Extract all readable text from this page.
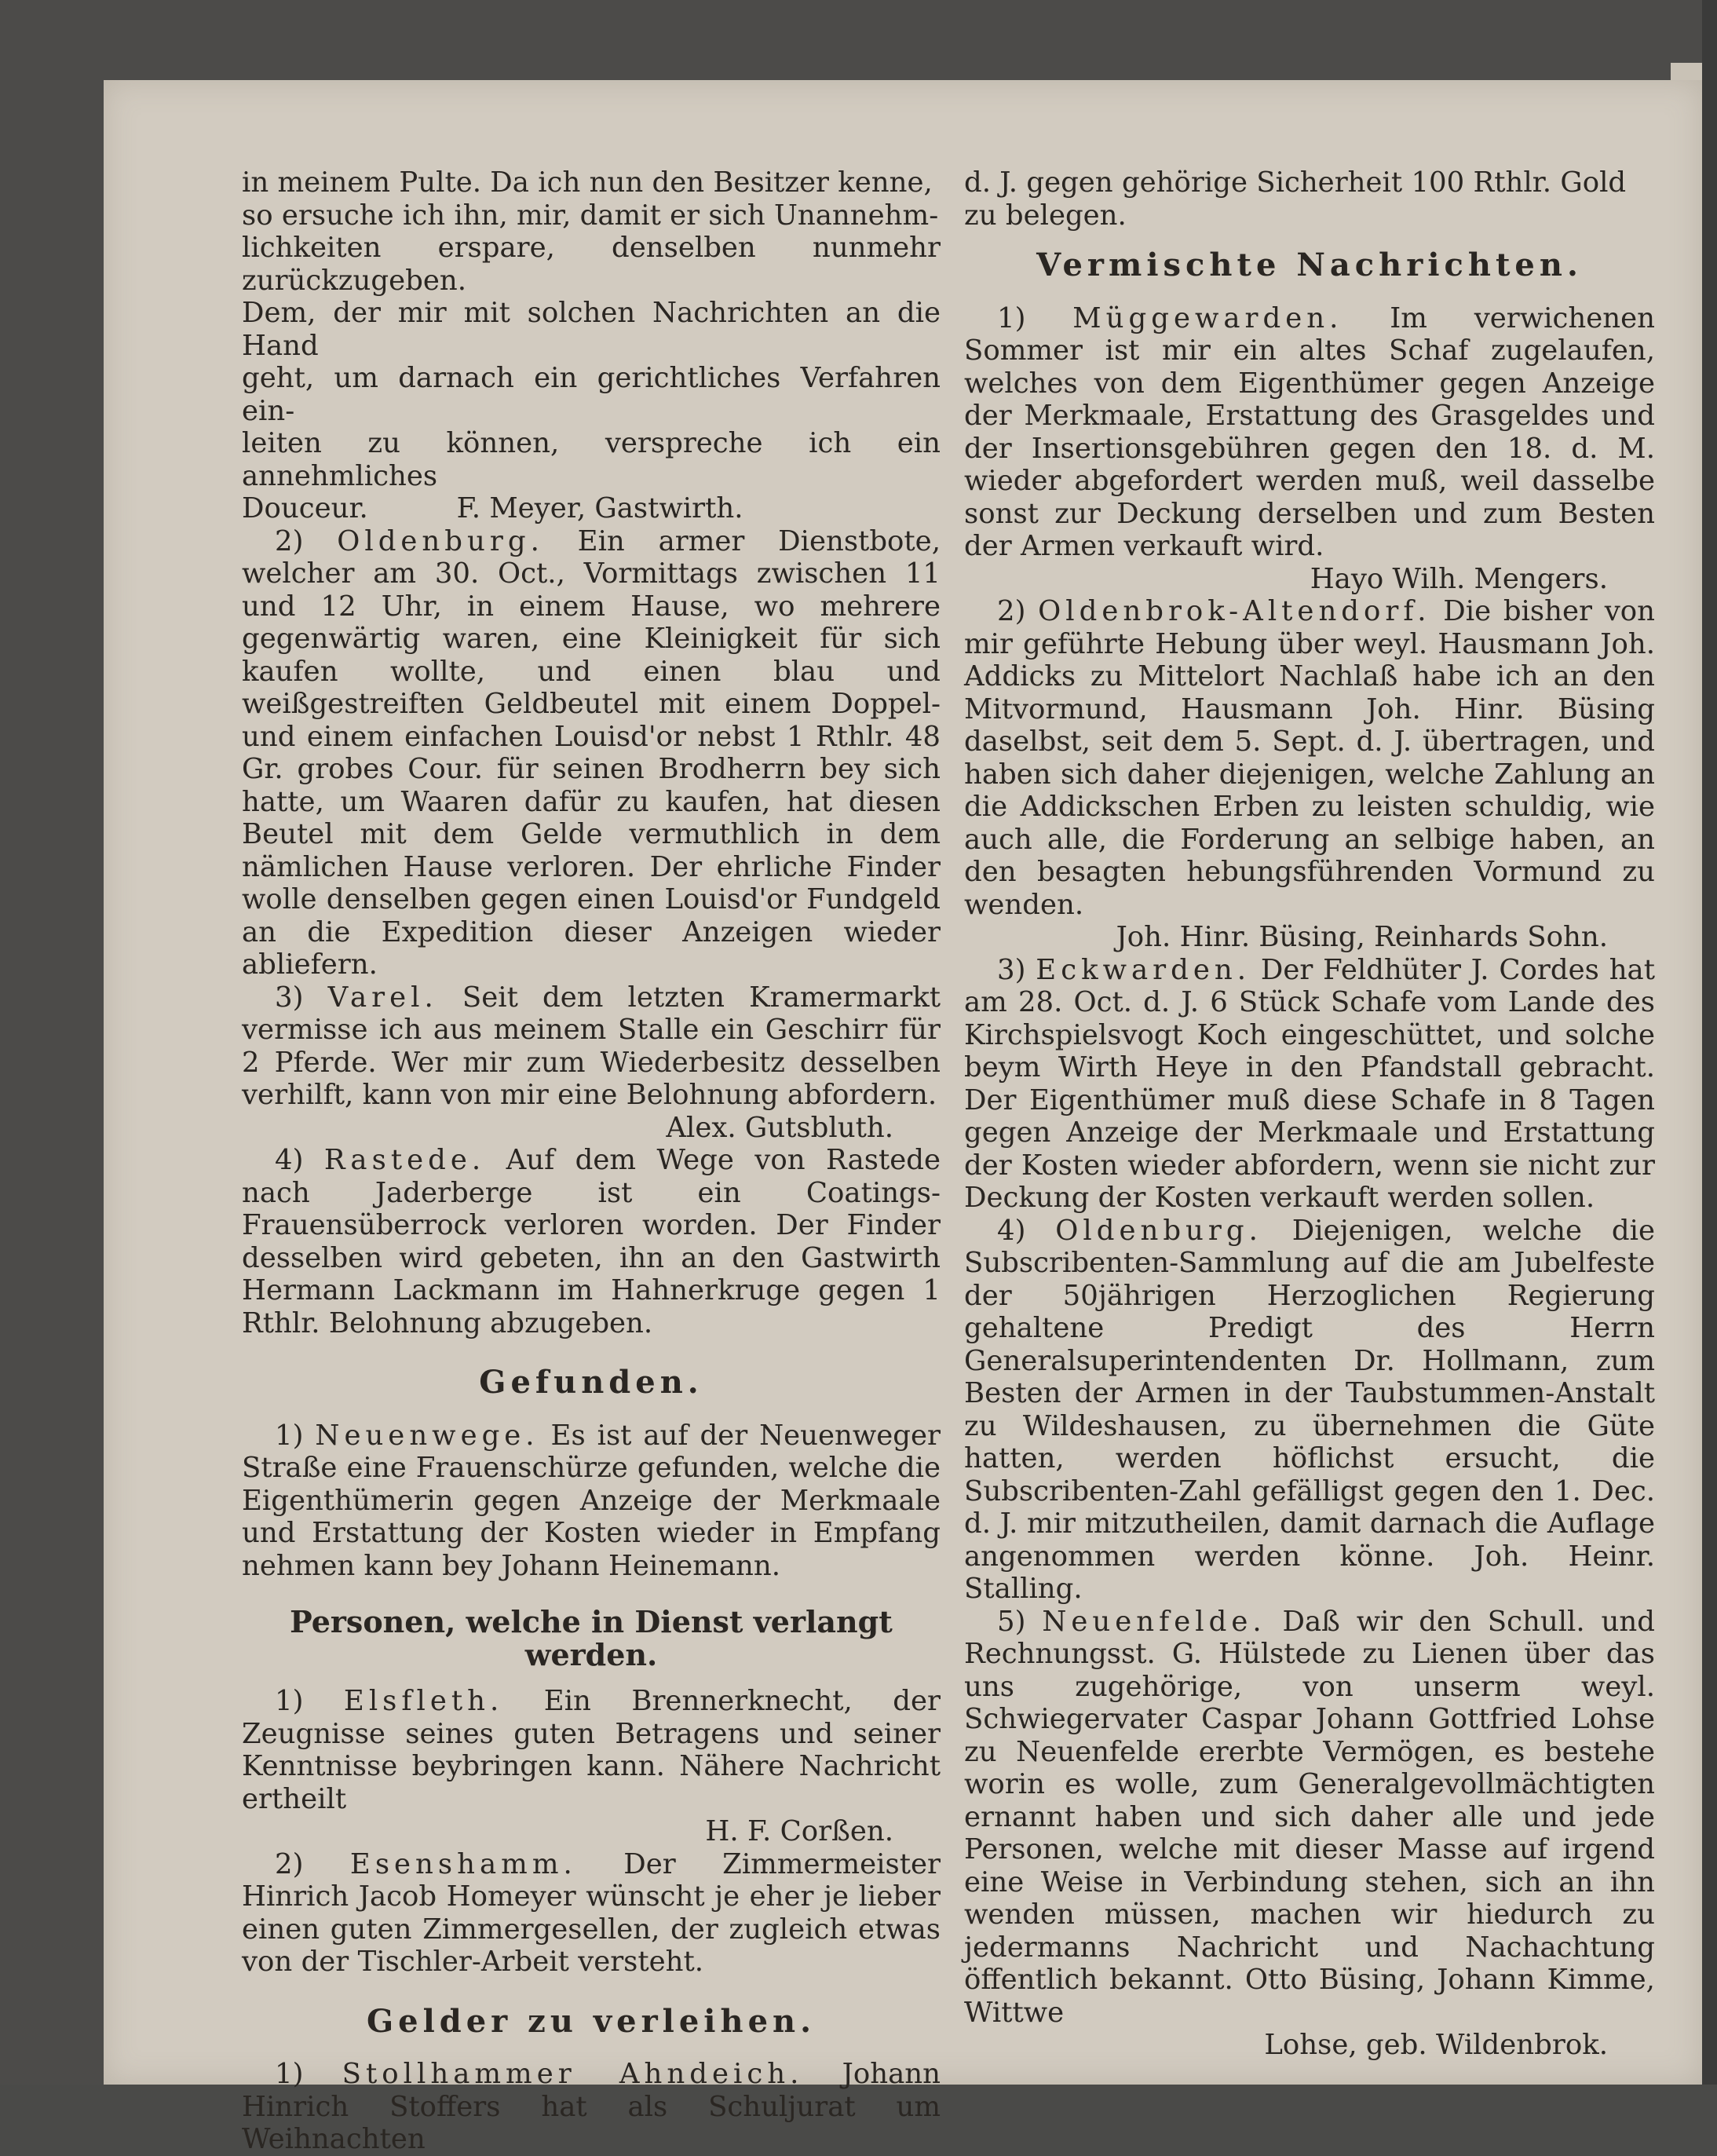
in meinem Pulte. Da ich nun den Besitzer kenne,

so ersuche ich ihn, mir, damit er sich Unannehm-

lichkeiten erspare, denselben nunmehr zurückzugeben.

Dem, der mir mit solchen Nachrichten an die Hand

geht, um darnach ein gerichtliches Verfahren ein-

leiten zu können, verspreche ich ein annehmliches

Douceur.          F. Meyer, Gastwirth.

2) Oldenburg. Ein armer Dienstbote, welcher am 30. Oct., Vormittags zwischen 11 und 12 Uhr, in einem Hause, wo mehrere gegenwärtig waren, eine Kleinigkeit für sich kaufen wollte, und einen blau und weißgestreiften Geldbeutel mit einem Doppel- und einem einfachen Louisd'or nebst 1 Rthlr. 48 Gr. grobes Cour. für seinen Brodherrn bey sich hatte, um Waaren dafür zu kaufen, hat diesen Beutel mit dem Gelde vermuthlich in dem nämlichen Hause verloren. Der ehrliche Finder wolle denselben gegen einen Louisd'or Fundgeld an die Expedition dieser Anzeigen wieder abliefern.

3) Varel. Seit dem letzten Kramermarkt vermisse ich aus meinem Stalle ein Geschirr für 2 Pferde. Wer mir zum Wiederbesitz desselben verhilft, kann von mir eine Belohnung abfordern.

Alex. Gutsbluth.

4) Rastede. Auf dem Wege von Rastede nach Jaderberge ist ein Coatings-Frauensüberrock verloren worden. Der Finder desselben wird gebeten, ihn an den Gastwirth Hermann Lackmann im Hahnerkruge gegen 1 Rthlr. Belohnung abzugeben.

Gefunden.

1) Neuenwege. Es ist auf der Neuenweger Straße eine Frauenschürze gefunden, welche die Eigenthümerin gegen Anzeige der Merkmaale und Erstattung der Kosten wieder in Empfang nehmen kann bey Johann Heinemann.

Personen, welche in Dienst verlangt werden.

1) Elsfleth. Ein Brennerknecht, der Zeugnisse seines guten Betragens und seiner Kenntnisse beybringen kann. Nähere Nachricht ertheilt

H. F. Corßen.

2) Esenshamm. Der Zimmermeister Hinrich Jacob Homeyer wünscht je eher je lieber einen guten Zimmergesellen, der zugleich etwas von der Tischler-Arbeit versteht.

Gelder zu verleihen.

1) Stollhammer Ahndeich. Johann Hinrich Stoffers hat als Schuljurat um Weihnachten

d. J. gegen gehörige Sicherheit 100 Rthlr. Gold

zu belegen.

Vermischte Nachrichten.

1) Müggewarden. Im verwichenen Sommer ist mir ein altes Schaf zugelaufen, welches von dem Eigenthümer gegen Anzeige der Merkmaale, Erstattung des Grasgeldes und der Insertionsgebühren gegen den 18. d. M. wieder abgefordert werden muß, weil dasselbe sonst zur Deckung derselben und zum Besten der Armen verkauft wird.

Hayo Wilh. Mengers.

2) Oldenbrok-Altendorf. Die bisher von mir geführte Hebung über weyl. Hausmann Joh. Addicks zu Mittelort Nachlaß habe ich an den Mitvormund, Hausmann Joh. Hinr. Büsing daselbst, seit dem 5. Sept. d. J. übertragen, und haben sich daher diejenigen, welche Zahlung an die Addickschen Erben zu leisten schuldig, wie auch alle, die Forderung an selbige haben, an den besagten hebungsführenden Vormund zu wenden.

Joh. Hinr. Büsing, Reinhards Sohn.

3) Eckwarden. Der Feldhüter J. Cordes hat am 28. Oct. d. J. 6 Stück Schafe vom Lande des Kirchspielsvogt Koch eingeschüttet, und solche beym Wirth Heye in den Pfandstall gebracht. Der Eigenthümer muß diese Schafe in 8 Tagen gegen Anzeige der Merkmaale und Erstattung der Kosten wieder abfordern, wenn sie nicht zur Deckung der Kosten verkauft werden sollen.

4) Oldenburg. Diejenigen, welche die Subscribenten-Sammlung auf die am Jubelfeste der 50jährigen Herzoglichen Regierung gehaltene Predigt des Herrn Generalsuperintendenten Dr. Hollmann, zum Besten der Armen in der Taubstummen-Anstalt zu Wildeshausen, zu übernehmen die Güte hatten, werden höflichst ersucht, die Subscribenten-Zahl gefälligst gegen den 1. Dec. d. J. mir mitzutheilen, damit darnach die Auflage angenommen werden könne. Joh. Heinr. Stalling.

5) Neuenfelde. Daß wir den Schull. und Rechnungsst. G. Hülstede zu Lienen über das uns zugehörige, von unserm weyl. Schwiegervater Caspar Johann Gottfried Lohse zu Neuenfelde ererbte Vermögen, es bestehe worin es wolle, zum Generalgevollmächtigten ernannt haben und sich daher alle und jede Personen, welche mit dieser Masse auf irgend eine Weise in Verbindung stehen, sich an ihn wenden müssen, machen wir hiedurch zu jedermanns Nachricht und Nachachtung öffentlich bekannt. Otto Büsing, Johann Kimme, Wittwe

Lohse, geb. Wildenbrok.
